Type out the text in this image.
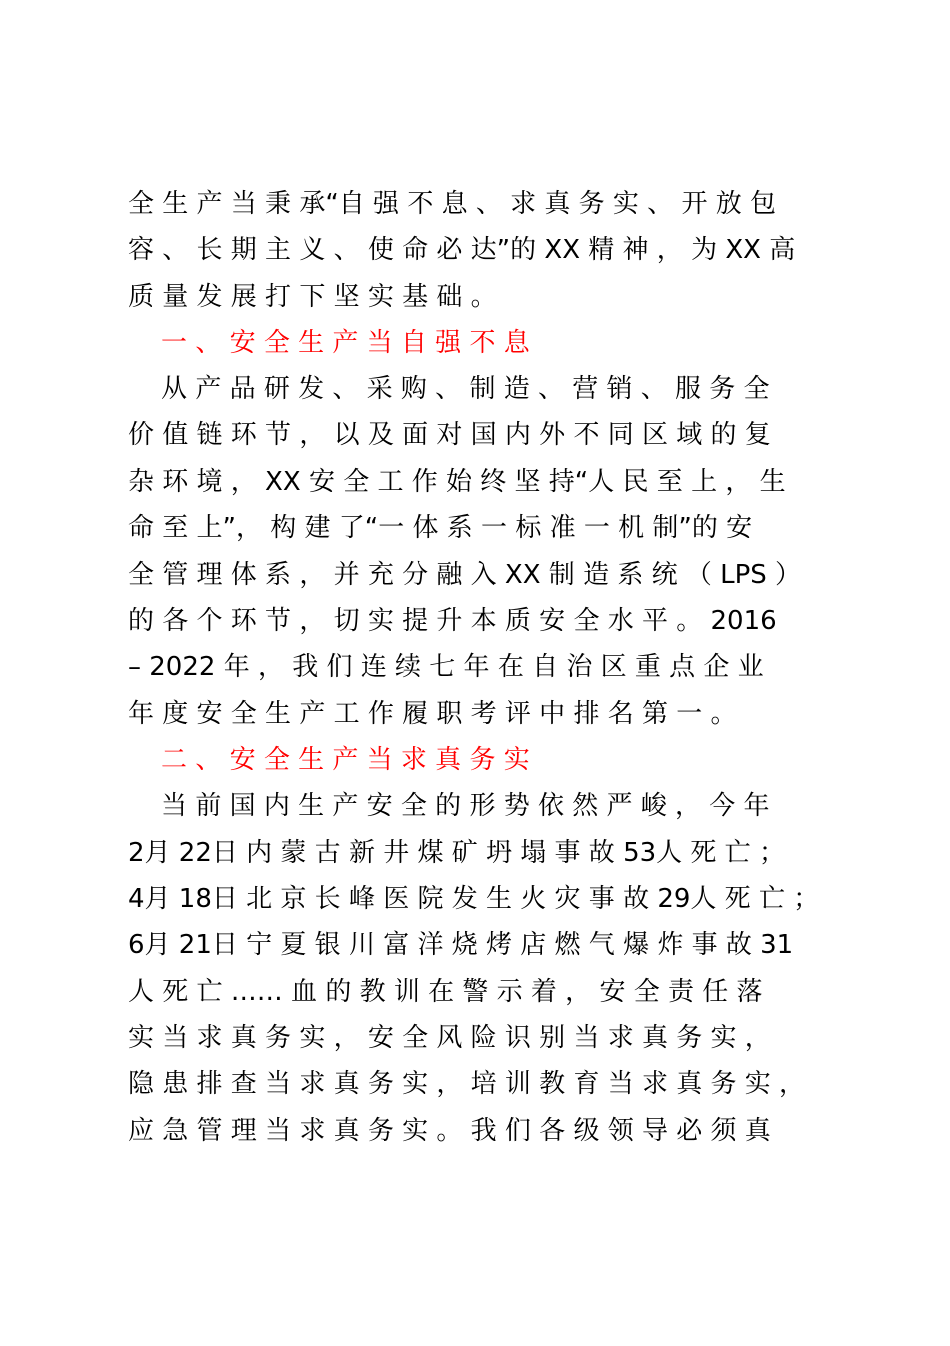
全 生 产 当 秉 承“自 强 不 息 、 求 真 务 实 、 开 放 包
容 、 长 期 主 义 、 使 命 必 达”的 XX 精 神 ， 为 XX 高
质 量 发 展 打 下 坚 实 基 础 。
一 、 安 全 生 产 当 自 强 不 息
从 产 品 研 发 、 采 购 、 制 造 、 营 销 、 服 务 全
价 值 链 环 节 ， 以 及 面 对 国 内 外 不 同 区 域 的 复
杂 环 境 ， XX 安 全 工 作 始 终 坚 持“人 民 至 上 ， 生
命 至 上”， 构 建 了“一 体 系 一 标 准 一 机 制”的 安
全 管 理 体 系 ， 并 充 分 融 入 XX 制 造 系 统 （ LPS ）
的 各 个 环 节 ， 切 实 提 升 本 质 安 全 水 平 。 2016
– 2022 年 ， 我 们 连 续 七 年 在 自 治 区 重 点 企 业
年 度 安 全 生 产 工 作 履 职 考 评 中 排 名 第 一 。
二 、 安 全 生 产 当 求 真 务 实
当 前 国 内 生 产 安 全 的 形 势 依 然 严 峻 ， 今 年
2月 22日 内 蒙 古 新 井 煤 矿 坍 塌 事 故 53人 死 亡 ；
4月 18日 北 京 长 峰 医 院 发 生 火 灾 事 故 29人 死 亡 ；
6月 21日 宁 夏 银 川 富 洋 烧 烤 店 燃 气 爆 炸 事 故 31
人 死 亡 …… 血 的 教 训 在 警 示 着 ， 安 全 责 任 落
实 当 求 真 务 实 ， 安 全 风 险 识 别 当 求 真 务 实 ，
隐 患 排 查 当 求 真 务 实 ， 培 训 教 育 当 求 真 务 实 ，
应 急 管 理 当 求 真 务 实 。 我 们 各 级 领 导 必 须 真
